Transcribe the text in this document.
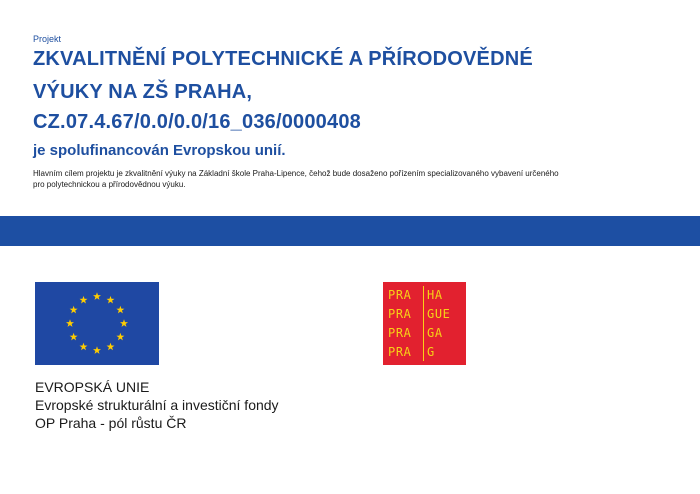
Projekt
ZKVALITNĚNÍ POLYTECHNICKÉ A PŘÍRODOVĚDNÉ
VÝUKY NA ZŠ PRAHA,
CZ.07.4.67/0.0/0.0/16_036/0000408
je spolufinancován Evropskou unií.
Hlavním cílem projektu je zkvalitnění výuky na Základní škole Praha-Lipence, čehož bude dosaženo pořízením specializovaného vybavení určeného
pro polytechnickou a přírodovědnou výuku.
EVROPSKÁ UNIE
Evropské strukturální a investiční fondy
OP Praha - pól růstu ČR
PRA
PRA
PRA
PRA
HA
GUE
GA
G
